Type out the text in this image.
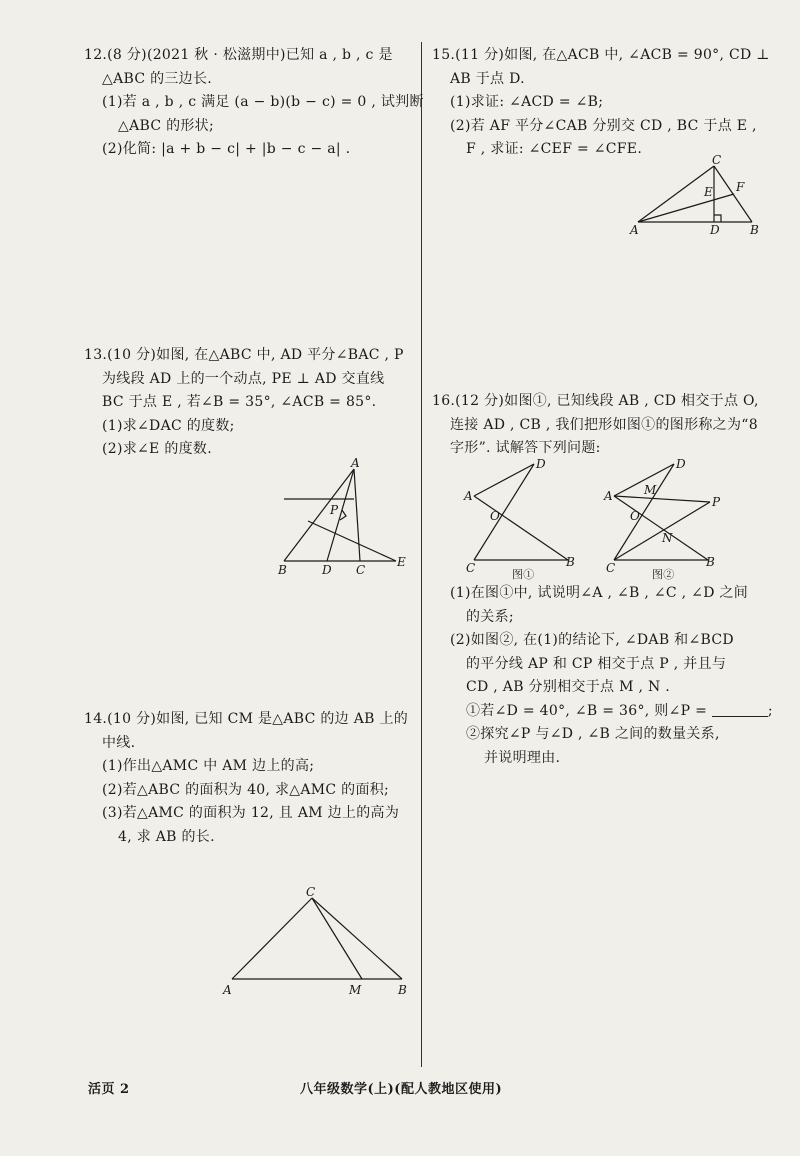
12.(8 分)(2021 秋 · 松滋期中)已知 a , b , c 是
△ABC 的三边长.
(1)若 a , b , c 满足 (a − b)(b − c) = 0 , 试判断
△ABC 的形状;
(2)化简: |a + b − c| + |b − c − a| .
13.(10 分)如图, 在△ABC 中, AD 平分∠BAC , P
为线段 AD 上的一个动点, PE ⊥ AD 交直线
BC 于点 E , 若∠B = 35°, ∠ACB = 85°.
(1)求∠DAC 的度数;
(2)求∠E 的度数.
A
B	D C
E
P
14.(10 分)如图, 已知 CM 是△ABC 的边 AB 上的
中线.
(1)作出△AMC 中 AM 边上的高;
(2)若△ABC 的面积为 40, 求△AMC 的面积;
(3)若△AMC 的面积为 12, 且 AM 边上的高为
4, 求 AB 的长.
C
A	M	B
15.(11 分)如图, 在△ACB 中, ∠ACB = 90°, CD ⊥
AB 于点 D.
(1)求证: ∠ACD = ∠B;
(2)若 AF 平分∠CAB 分别交 CD , BC 于点 E ,
F , 求证: ∠CEF = ∠CFE.
C
A	D	B
E F
16.(12 分)如图①, 已知线段 AB , CD 相交于点 O,
连接 AD , CB , 我们把形如图①的图形称之为“8
字形”. 试解答下列问题:
D
A
O
C	B
图①
D
A	M
O
P
N
C	B
图②
(1)在图①中, 试说明∠A , ∠B , ∠C , ∠D 之间
的关系;
(2)如图②, 在(1)的结论下, ∠DAB 和∠BCD
的平分线 AP 和 CP 相交于点 P , 并且与
CD , AB 分别相交于点 M , N .
①若∠D = 40°, ∠B = 36°, 则∠P =	;
②探究∠P 与∠D , ∠B 之间的数量关系,
并说明理由.
活页 2	八年级数学(上)(配人教地区使用)
